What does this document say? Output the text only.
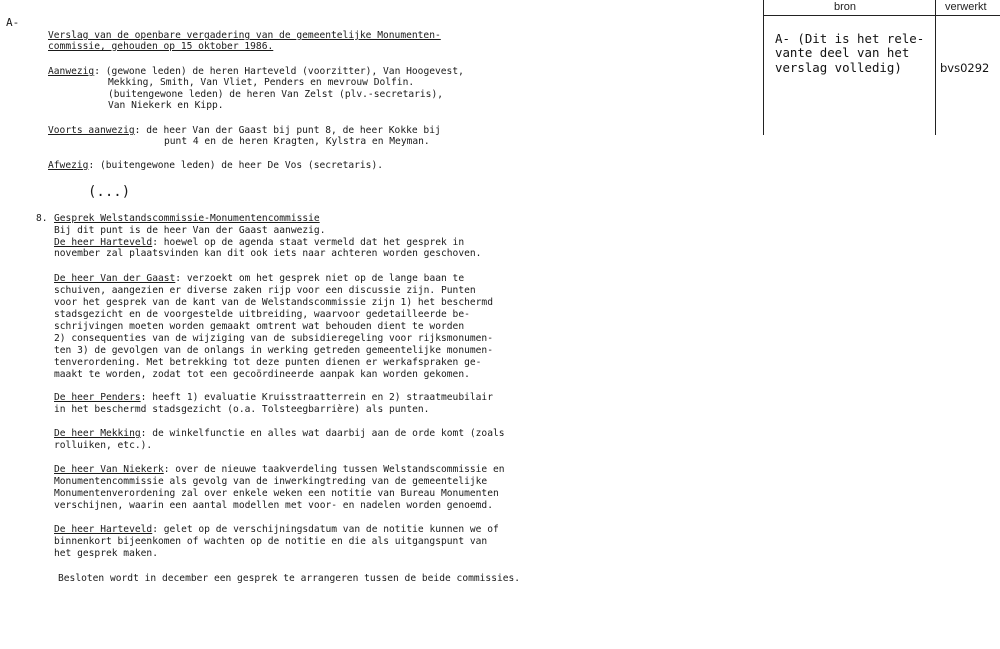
A-
Verslag van de openbare vergadering van de gemeentelijke Monumenten-
commissie, gehouden op 15 oktober 1986.
Aanwezig: (gewone leden) de heren Harteveld (voorzitter), Van Hoogevest,
Mekking, Smith, Van Vliet, Penders en mevrouw Dolfin.
(buitengewone leden) de heren Van Zelst (plv.-secretaris),
Van Niekerk en Kipp.
Voorts aanwezig: de heer Van der Gaast bij punt 8, de heer Kokke bij
punt 4 en de heren Kragten, Kylstra en Meyman.
Afwezig: (buitengewone leden) de heer De Vos (secretaris).
(...)
8. Gesprek Welstandscommissie-Monumentencommissie
Bij dit punt is de heer Van der Gaast aanwezig.
De heer Harteveld: hoewel op de agenda staat vermeld dat het gesprek in
november zal plaatsvinden kan dit ook iets naar achteren worden geschoven.
De heer Van der Gaast: verzoekt om het gesprek niet op de lange baan te
schuiven, aangezien er diverse zaken rijp voor een discussie zijn. Punten
voor het gesprek van de kant van de Welstandscommissie zijn 1) het beschermd
stadsgezicht en de voorgestelde uitbreiding, waarvoor gedetailleerde be-
schrijvingen moeten worden gemaakt omtrent wat behouden dient te worden
2) consequenties van de wijziging van de subsidieregeling voor rijksmonumen-
ten 3) de gevolgen van de onlangs in werking getreden gemeentelijke monumen-
tenverordening. Met betrekking tot deze punten dienen er werkafspraken ge-
maakt te worden, zodat tot een gecoördineerde aanpak kan worden gekomen.
De heer Penders: heeft 1) evaluatie Kruisstraatterrein en 2) straatmeubilair
in het beschermd stadsgezicht (o.a. Tolsteegbarrière) als punten.
De heer Mekking: de winkelfunctie en alles wat daarbij aan de orde komt (zoals
rolluiken, etc.).
De heer Van Niekerk: over de nieuwe taakverdeling tussen Welstandscommissie en
Monumentencommissie als gevolg van de inwerkingtreding van de gemeentelijke
Monumentenverordening zal over enkele weken een notitie van Bureau Monumenten
verschijnen, waarin een aantal modellen met voor- en nadelen worden genoemd.
De heer Harteveld: gelet op de verschijningsdatum van de notitie kunnen we of
binnenkort bijeenkomen of wachten op de notitie en die als uitgangspunt van
het gesprek maken.
Besloten wordt in december een gesprek te arrangeren tussen de beide commissies.
bron	verwerkt
A- (Dit is het rele-
vante deel van het
verslag volledig)	bvs0292
